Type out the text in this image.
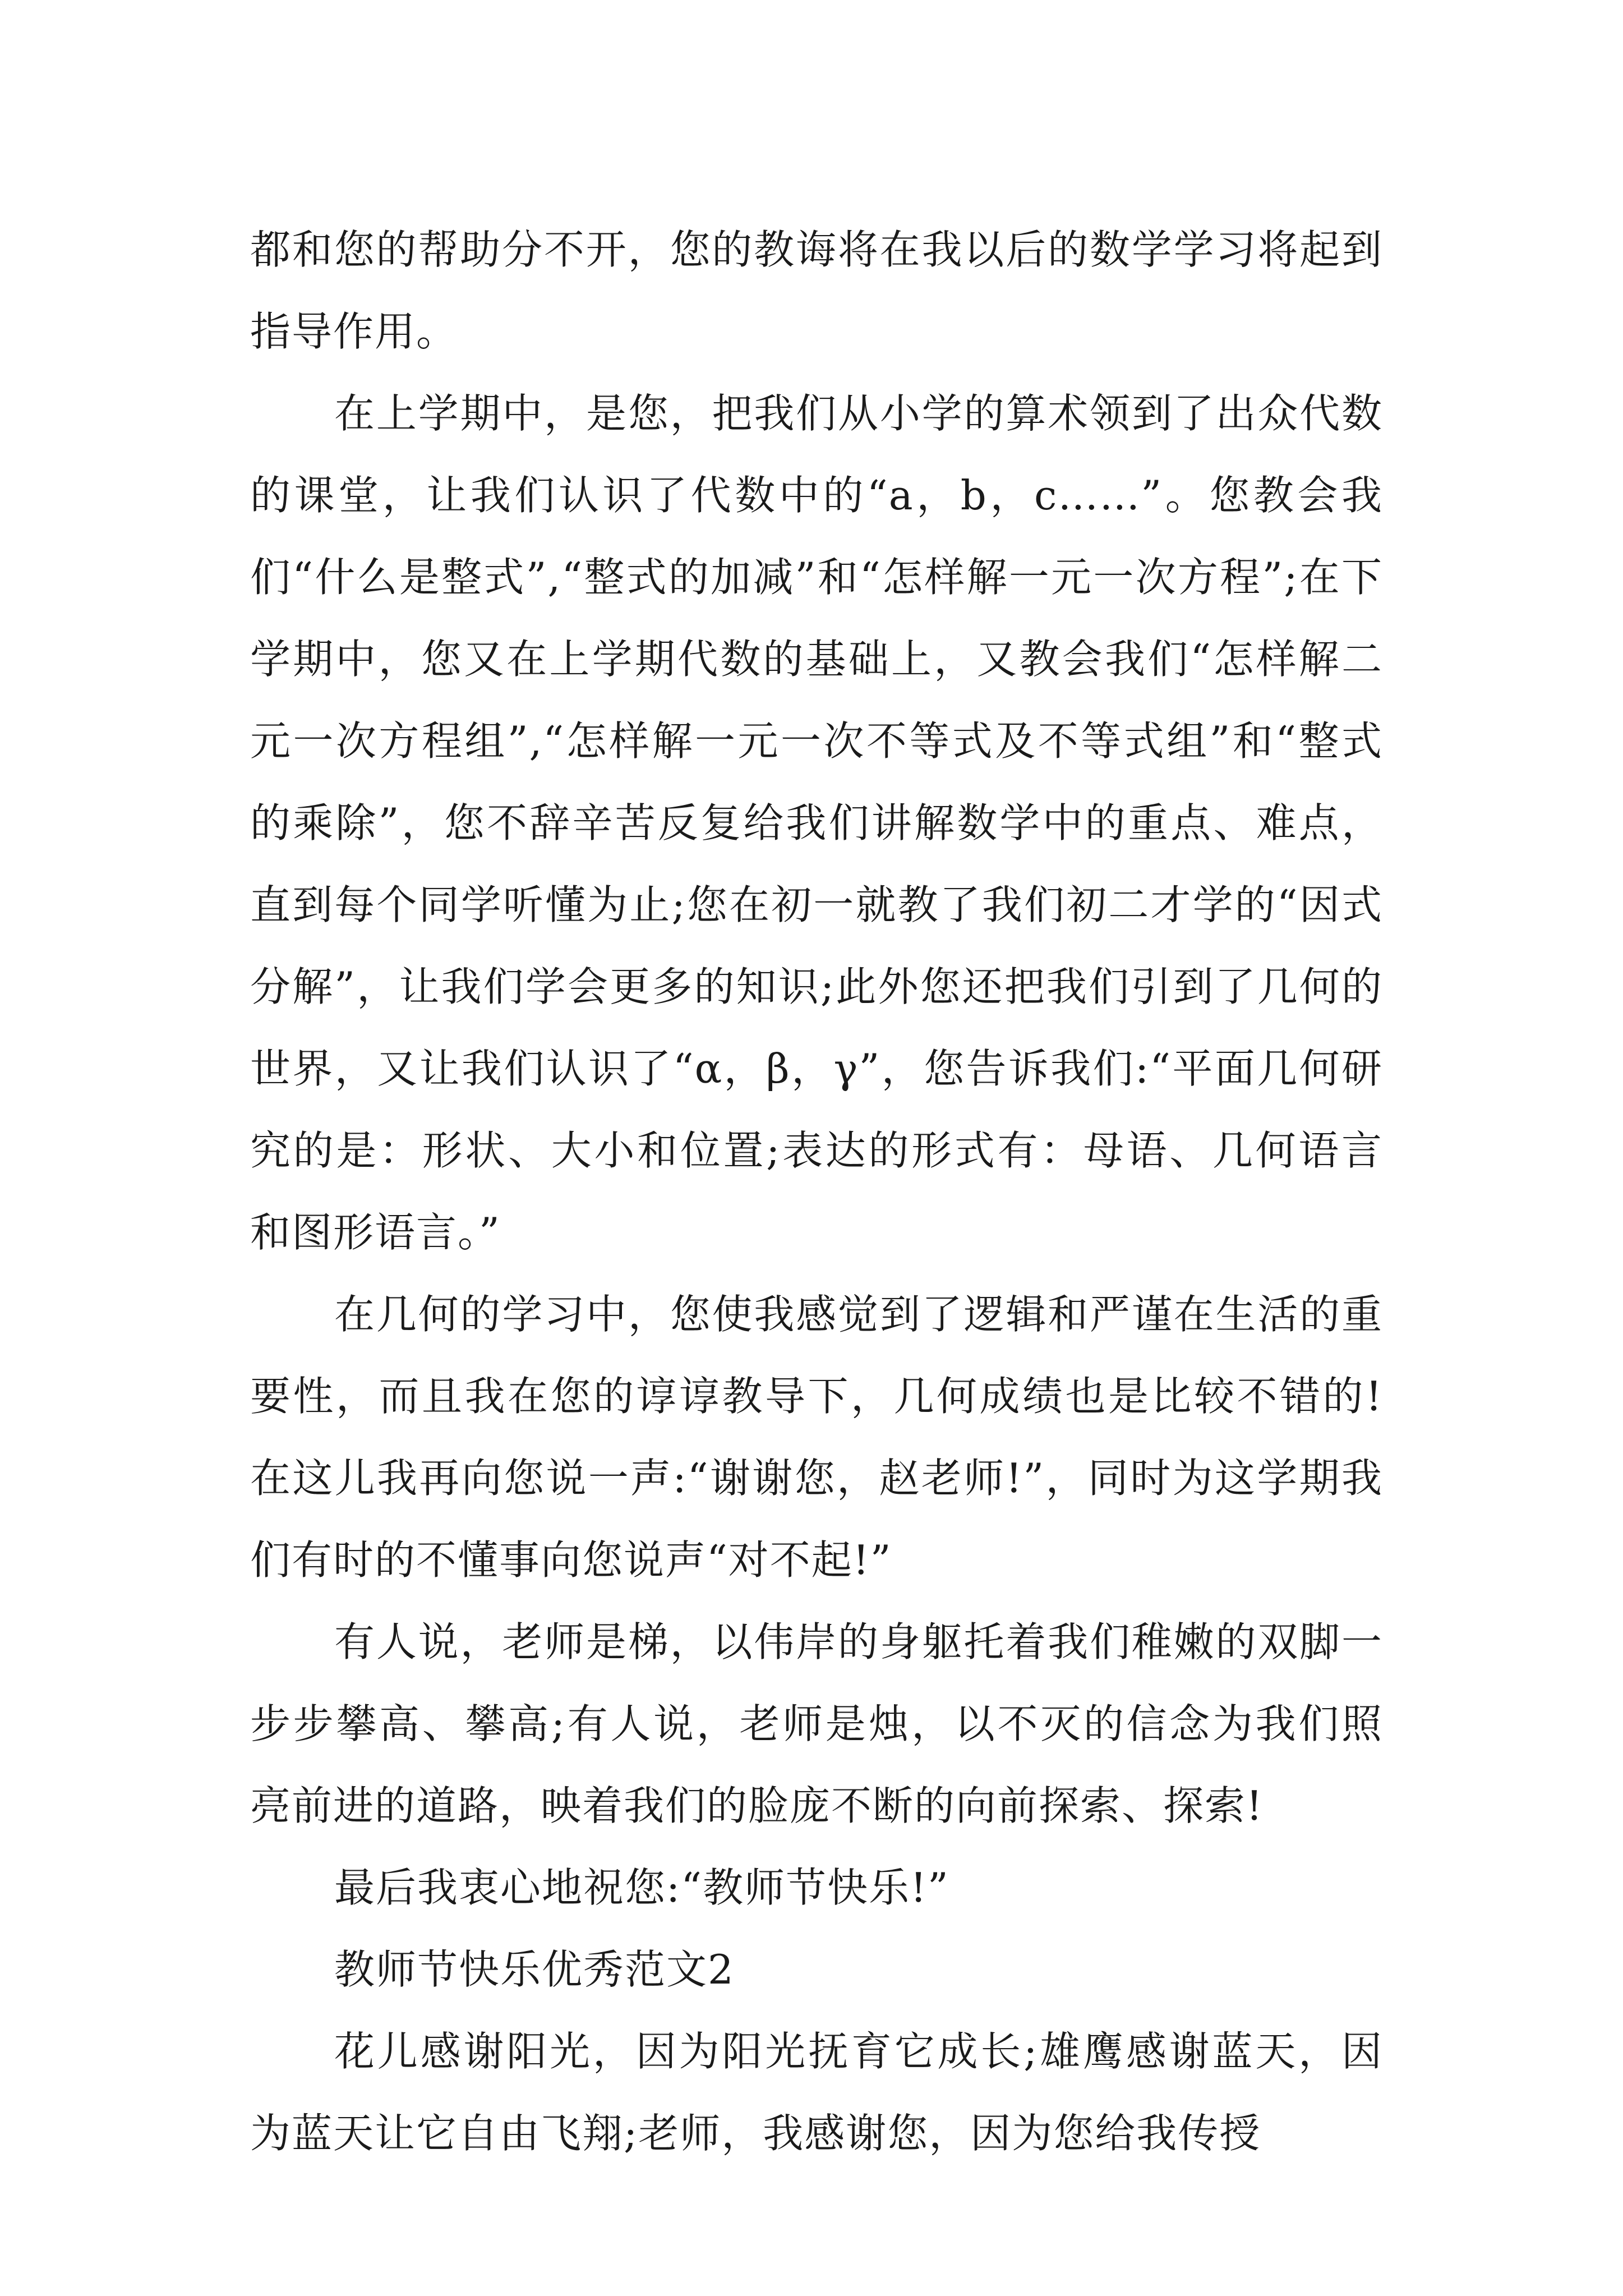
都和您的帮助分不开，您的教诲将在我以后的数学学习将起到指导作用。

在上学期中，是您，把我们从小学的算术领到了出众代数的课堂，让我们认识了代数中的“a，b，c……”。您教会我们“什么是整式”,“整式的加减”和“怎样解一元一次方程”;在下学期中，您又在上学期代数的基础上，又教会我们“怎样解二元一次方程组”,“怎样解一元一次不等式及不等式组”和“整式的乘除”，您不辞辛苦反复给我们讲解数学中的重点、难点，直到每个同学听懂为止;您在初一就教了我们初二才学的“因式分解”，让我们学会更多的知识;此外您还把我们引到了几何的世界，又让我们认识了“α，β，γ”，您告诉我们:“平面几何研究的是：形状、大小和位置;表达的形式有：母语、几何语言和图形语言。”

在几何的学习中，您使我感觉到了逻辑和严谨在生活的重要性，而且我在您的谆谆教导下，几何成绩也是比较不错的!在这儿我再向您说一声:“谢谢您，赵老师!”，同时为这学期我们有时的不懂事向您说声“对不起!”

有人说，老师是梯，以伟岸的身躯托着我们稚嫩的双脚一步步攀高、攀高;有人说，老师是烛，以不灭的信念为我们照亮前进的道路，映着我们的脸庞不断的向前探索、探索!

最后我衷心地祝您:“教师节快乐!”

教师节快乐优秀范文2

花儿感谢阳光，因为阳光抚育它成长;雄鹰感谢蓝天，因为蓝天让它自由飞翔;老师，我感谢您，因为您给我传授
